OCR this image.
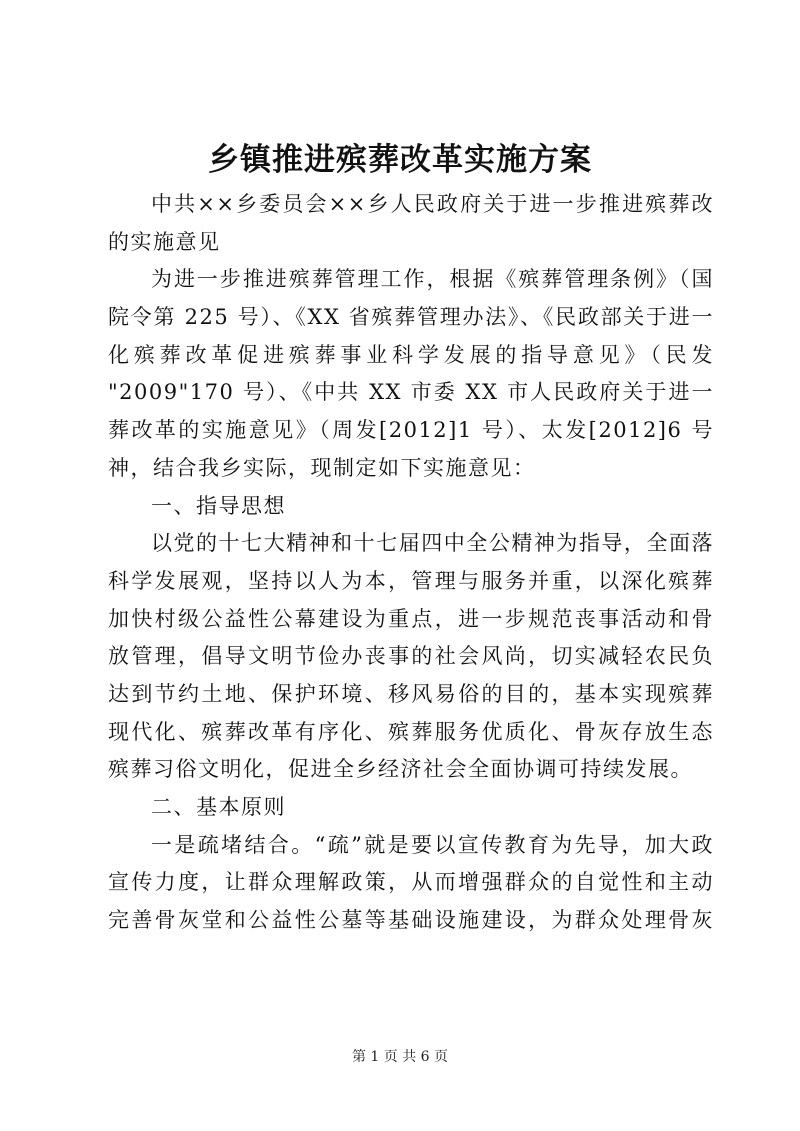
乡镇推进殡葬改革实施方案
中共××乡委员会××乡人民政府关于进一步推进殡葬改
的实施意见
为进一步推进殡葬管理工作，根据《殡葬管理条例》（国
院令第 225 号）、《XX 省殡葬管理办法》、《民政部关于进一
化殡葬改革促进殡葬事业科学发展的指导意见》（民发
"2009"170 号）、《中共 XX 市委 XX 市人民政府关于进一
葬改革的实施意见》（周发[2012]1 号）、太发[2012]6 号
神，结合我乡实际，现制定如下实施意见：
一、指导思想
以党的十七大精神和十七届四中全公精神为指导，全面落
科学发展观，坚持以人为本，管理与服务并重，以深化殡葬
加快村级公益性公幕建设为重点，进一步规范丧事活动和骨
放管理，倡导文明节俭办丧事的社会风尚，切实减轻农民负
达到节约土地、保护环境、移风易俗的目的，基本实现殡葬
现代化、殡葬改革有序化、殡葬服务优质化、骨灰存放生态
殡葬习俗文明化，促进全乡经济社会全面协调可持续发展。
二、基本原则
一是疏堵结合。“疏”就是要以宣传教育为先导，加大政
宣传力度，让群众理解政策，从而增强群众的自觉性和主动
完善骨灰堂和公益性公墓等基础设施建设，为群众处理骨灰
第 1 页 共 6 页
